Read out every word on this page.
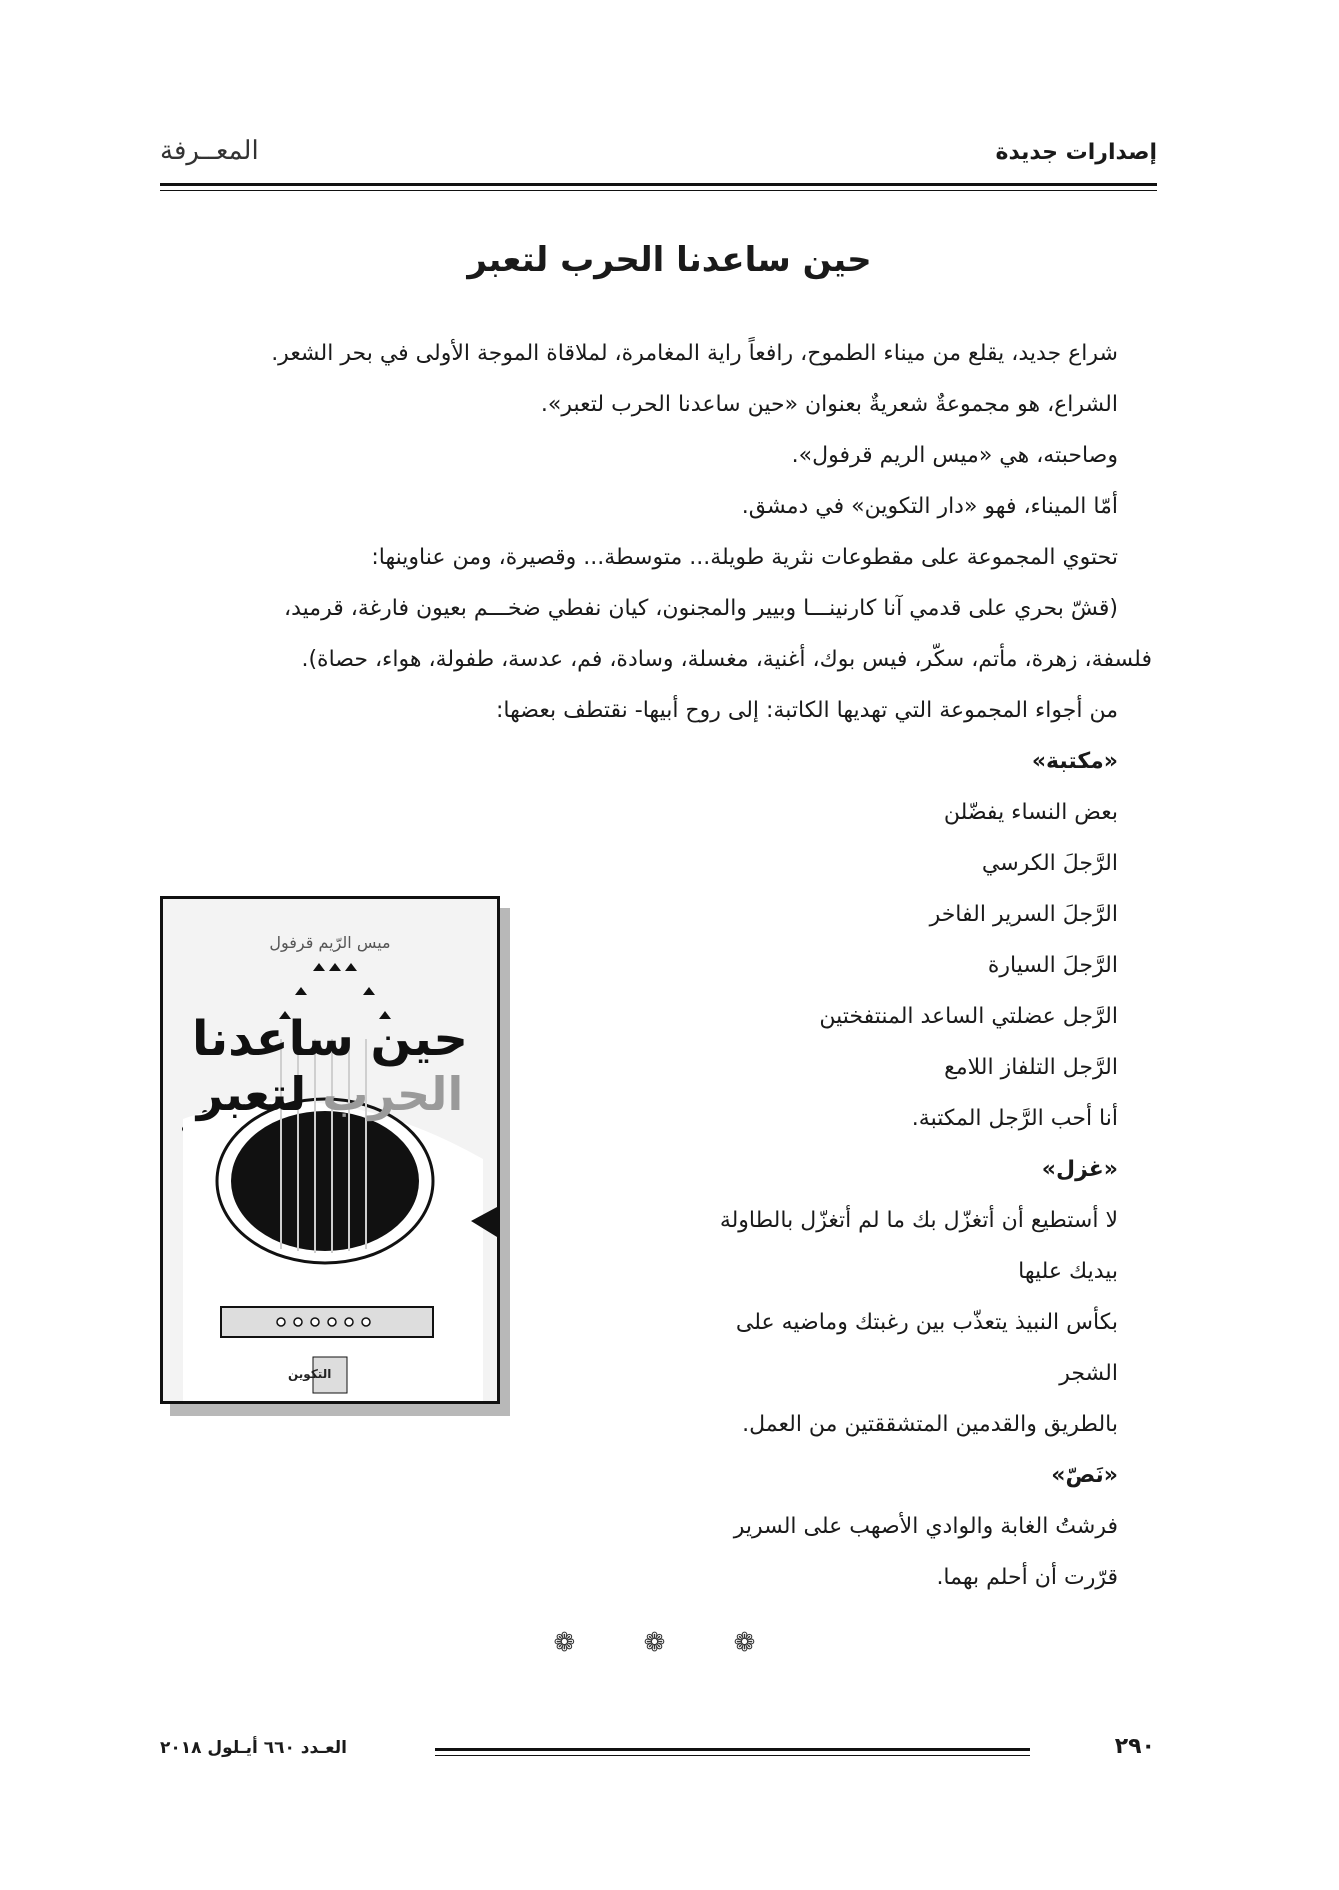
إصدارات جديدة
المعــرفة
حين ساعدنا الحرب لتعبر
شراع جديد، يقلع من ميناء الطموح، رافعاً راية المغامرة، لملاقاة الموجة الأولى في بحر الشعر.
الشراع، هو مجموعةٌ شعريةٌ بعنوان «حين ساعدنا الحرب لتعبر».
وصاحبته، هي «ميس الريم قرفول».
أمّا الميناء، فهو «دار التكوين» في دمشق.
تحتوي المجموعة على مقطوعات نثرية طويلة... متوسطة... وقصيرة، ومن عناوينها:
(قشّ بحري على قدمي آنا كارنينـــا وبيير والمجنون، كيان نفطي ضخـــم بعيون فارغة، قرميد،
فلسفة، زهرة، مأتم، سكّر، فيس بوك، أغنية، مغسلة، وسادة، فم، عدسة، طفولة، هواء، حصاة).
من أجواء المجموعة التي تهديها الكاتبة: إلى روح أبيها- نقتطف بعضها:
«مكتبة»
بعض النساء يفضّلن
الرَّجلَ الكرسي
الرَّجلَ السرير الفاخر
الرَّجلَ السيارة
الرَّجل عضلتي الساعد المنتفختين
الرَّجل التلفاز اللامع
أنا أحب الرَّجل المكتبة.
«غزل»
لا أستطيع أن أتغزّل بك ما لم أتغزّل بالطاولة
بيديك عليها
بكأس النبيذ يتعذّب بين رغبتك وماضيه على
الشجر
بالطريق والقدمين المتشققتين من العمل.
«نَصّ»
فرشتُ الغابة والوادي الأصهب على السرير
قرّرت أن أحلم بهما.
ميس الرّيم قرفول
حين ساعدنا
الحرب لتعبر
التكوين
❁ ❁ ❁
٢٩٠
العـدد ٦٦٠ أيـلول ٢٠١٨
